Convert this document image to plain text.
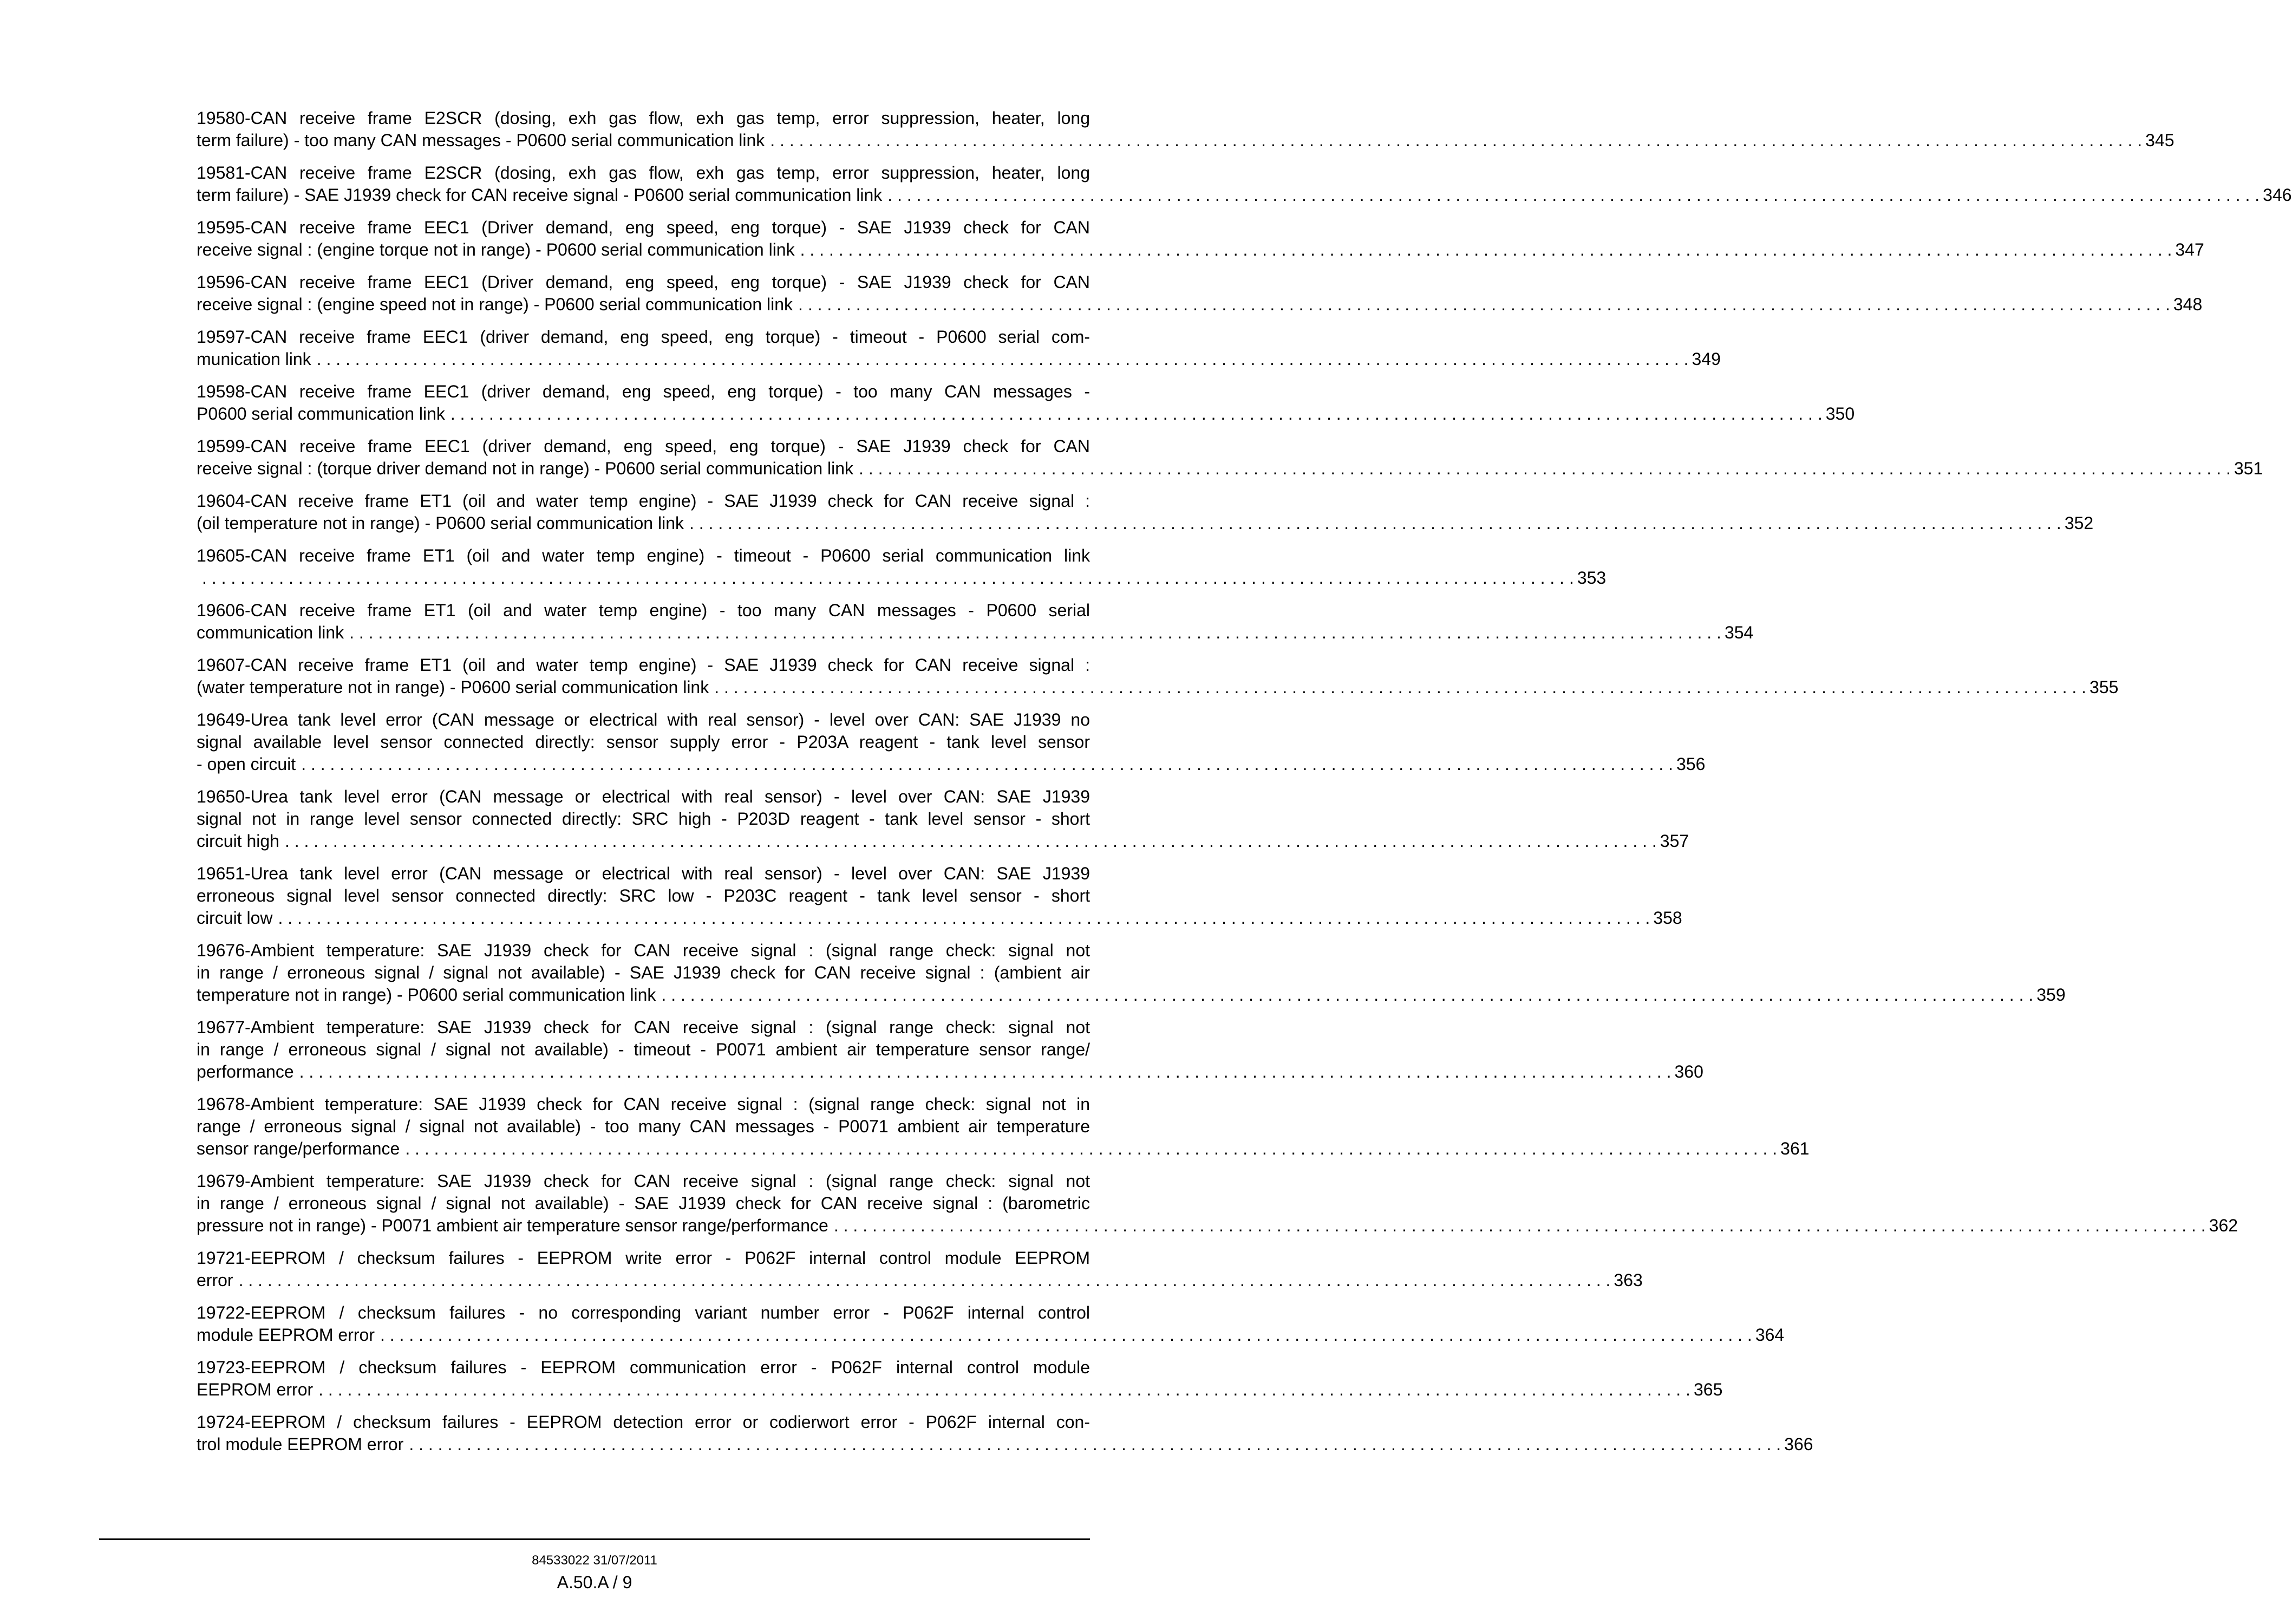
19580-CAN receive frame E2SCR (dosing, exh gas flow, exh gas temp, error suppression, heater, long
term failure) - too many CAN messages - P0600 serial communication link . . . . . . . . . . . . . . . . . . . . . . . . . . . . . . . . . . . . . . . . . . . . . . . . . . . . . . . . . . . . . . . . . . . . . . . . . . . . . . . . . . . . . . . . . . . . . . . . . . . . . . . . . . . . . . . . . . . . . . . . . . . . . . . . . . . . . . . . . . . . . . . 345
19581-CAN receive frame E2SCR (dosing, exh gas flow, exh gas temp, error suppression, heater, long
term failure) - SAE J1939 check for CAN receive signal - P0600 serial communication link . . . . . . . . . . . . . . . . . . . . . . . . . . . . . . . . . . . . . . . . . . . . . . . . . . . . . . . . . . . . . . . . . . . . . . . . . . . . . . . . . . . . . . . . . . . . . . . . . . . . . . . . . . . . . . . . . . . . . . . . . . . . . . . . . . . . . . . . . . . . . . . 346
19595-CAN receive frame EEC1 (Driver demand, eng speed, eng torque) - SAE J1939 check for CAN
receive signal : (engine torque not in range) - P0600 serial communication link . . . . . . . . . . . . . . . . . . . . . . . . . . . . . . . . . . . . . . . . . . . . . . . . . . . . . . . . . . . . . . . . . . . . . . . . . . . . . . . . . . . . . . . . . . . . . . . . . . . . . . . . . . . . . . . . . . . . . . . . . . . . . . . . . . . . . . . . . . . . . . . 347
19596-CAN receive frame EEC1 (Driver demand, eng speed, eng torque) - SAE J1939 check for CAN
receive signal : (engine speed not in range) - P0600 serial communication link . . . . . . . . . . . . . . . . . . . . . . . . . . . . . . . . . . . . . . . . . . . . . . . . . . . . . . . . . . . . . . . . . . . . . . . . . . . . . . . . . . . . . . . . . . . . . . . . . . . . . . . . . . . . . . . . . . . . . . . . . . . . . . . . . . . . . . . . . . . . . . . 348
19597-CAN receive frame EEC1 (driver demand, eng speed, eng torque) - timeout - P0600 serial com-
munication link . . . . . . . . . . . . . . . . . . . . . . . . . . . . . . . . . . . . . . . . . . . . . . . . . . . . . . . . . . . . . . . . . . . . . . . . . . . . . . . . . . . . . . . . . . . . . . . . . . . . . . . . . . . . . . . . . . . . . . . . . . . . . . . . . . . . . . . . . . . . . . . 349
19598-CAN receive frame EEC1 (driver demand, eng speed, eng torque) - too many CAN messages -
P0600 serial communication link . . . . . . . . . . . . . . . . . . . . . . . . . . . . . . . . . . . . . . . . . . . . . . . . . . . . . . . . . . . . . . . . . . . . . . . . . . . . . . . . . . . . . . . . . . . . . . . . . . . . . . . . . . . . . . . . . . . . . . . . . . . . . . . . . . . . . . . . . . . . . . . 350
19599-CAN receive frame EEC1 (driver demand, eng speed, eng torque) - SAE J1939 check for CAN
receive signal : (torque driver demand not in range) - P0600 serial communication link . . . . . . . . . . . . . . . . . . . . . . . . . . . . . . . . . . . . . . . . . . . . . . . . . . . . . . . . . . . . . . . . . . . . . . . . . . . . . . . . . . . . . . . . . . . . . . . . . . . . . . . . . . . . . . . . . . . . . . . . . . . . . . . . . . . . . . . . . . . . . . . 351
19604-CAN receive frame ET1 (oil and water temp engine) - SAE J1939 check for CAN receive signal :
(oil temperature not in range) - P0600 serial communication link . . . . . . . . . . . . . . . . . . . . . . . . . . . . . . . . . . . . . . . . . . . . . . . . . . . . . . . . . . . . . . . . . . . . . . . . . . . . . . . . . . . . . . . . . . . . . . . . . . . . . . . . . . . . . . . . . . . . . . . . . . . . . . . . . . . . . . . . . . . . . . . 352
19605-CAN receive frame ET1 (oil and water temp engine) - timeout - P0600 serial communication link
. . . . . . . . . . . . . . . . . . . . . . . . . . . . . . . . . . . . . . . . . . . . . . . . . . . . . . . . . . . . . . . . . . . . . . . . . . . . . . . . . . . . . . . . . . . . . . . . . . . . . . . . . . . . . . . . . . . . . . . . . . . . . . . . . . . . . . . . . . . . . . . 353
19606-CAN receive frame ET1 (oil and water temp engine) - too many CAN messages - P0600 serial
communication link . . . . . . . . . . . . . . . . . . . . . . . . . . . . . . . . . . . . . . . . . . . . . . . . . . . . . . . . . . . . . . . . . . . . . . . . . . . . . . . . . . . . . . . . . . . . . . . . . . . . . . . . . . . . . . . . . . . . . . . . . . . . . . . . . . . . . . . . . . . . . . . 354
19607-CAN receive frame ET1 (oil and water temp engine) - SAE J1939 check for CAN receive signal :
(water temperature not in range) - P0600 serial communication link . . . . . . . . . . . . . . . . . . . . . . . . . . . . . . . . . . . . . . . . . . . . . . . . . . . . . . . . . . . . . . . . . . . . . . . . . . . . . . . . . . . . . . . . . . . . . . . . . . . . . . . . . . . . . . . . . . . . . . . . . . . . . . . . . . . . . . . . . . . . . . . 355
19649-Urea tank level error (CAN message or electrical with real sensor) - level over CAN: SAE J1939 no
signal available level sensor connected directly: sensor supply error - P203A reagent - tank level sensor
- open circuit . . . . . . . . . . . . . . . . . . . . . . . . . . . . . . . . . . . . . . . . . . . . . . . . . . . . . . . . . . . . . . . . . . . . . . . . . . . . . . . . . . . . . . . . . . . . . . . . . . . . . . . . . . . . . . . . . . . . . . . . . . . . . . . . . . . . . . . . . . . . . . . 356
19650-Urea tank level error (CAN message or electrical with real sensor) - level over CAN: SAE J1939
signal not in range level sensor connected directly: SRC high - P203D reagent - tank level sensor - short
circuit high . . . . . . . . . . . . . . . . . . . . . . . . . . . . . . . . . . . . . . . . . . . . . . . . . . . . . . . . . . . . . . . . . . . . . . . . . . . . . . . . . . . . . . . . . . . . . . . . . . . . . . . . . . . . . . . . . . . . . . . . . . . . . . . . . . . . . . . . . . . . . . . 357
19651-Urea tank level error (CAN message or electrical with real sensor) - level over CAN: SAE J1939
erroneous signal level sensor connected directly: SRC low - P203C reagent - tank level sensor - short
circuit low . . . . . . . . . . . . . . . . . . . . . . . . . . . . . . . . . . . . . . . . . . . . . . . . . . . . . . . . . . . . . . . . . . . . . . . . . . . . . . . . . . . . . . . . . . . . . . . . . . . . . . . . . . . . . . . . . . . . . . . . . . . . . . . . . . . . . . . . . . . . . . . 358
19676-Ambient temperature: SAE J1939 check for CAN receive signal : (signal range check: signal not
in range / erroneous signal / signal not available) - SAE J1939 check for CAN receive signal : (ambient air
temperature not in range) - P0600 serial communication link . . . . . . . . . . . . . . . . . . . . . . . . . . . . . . . . . . . . . . . . . . . . . . . . . . . . . . . . . . . . . . . . . . . . . . . . . . . . . . . . . . . . . . . . . . . . . . . . . . . . . . . . . . . . . . . . . . . . . . . . . . . . . . . . . . . . . . . . . . . . . . . 359
19677-Ambient temperature: SAE J1939 check for CAN receive signal : (signal range check: signal not
in range / erroneous signal / signal not available) - timeout - P0071 ambient air temperature sensor range/
performance . . . . . . . . . . . . . . . . . . . . . . . . . . . . . . . . . . . . . . . . . . . . . . . . . . . . . . . . . . . . . . . . . . . . . . . . . . . . . . . . . . . . . . . . . . . . . . . . . . . . . . . . . . . . . . . . . . . . . . . . . . . . . . . . . . . . . . . . . . . . . . . 360
19678-Ambient temperature: SAE J1939 check for CAN receive signal : (signal range check: signal not in
range / erroneous signal / signal not available) - too many CAN messages - P0071 ambient air temperature
sensor range/performance . . . . . . . . . . . . . . . . . . . . . . . . . . . . . . . . . . . . . . . . . . . . . . . . . . . . . . . . . . . . . . . . . . . . . . . . . . . . . . . . . . . . . . . . . . . . . . . . . . . . . . . . . . . . . . . . . . . . . . . . . . . . . . . . . . . . . . . . . . . . . . . 361
19679-Ambient temperature: SAE J1939 check for CAN receive signal : (signal range check: signal not
in range / erroneous signal / signal not available) - SAE J1939 check for CAN receive signal : (barometric
pressure not in range) - P0071 ambient air temperature sensor range/performance . . . . . . . . . . . . . . . . . . . . . . . . . . . . . . . . . . . . . . . . . . . . . . . . . . . . . . . . . . . . . . . . . . . . . . . . . . . . . . . . . . . . . . . . . . . . . . . . . . . . . . . . . . . . . . . . . . . . . . . . . . . . . . . . . . . . . . . . . . . . . . . 362
19721-EEPROM / checksum failures - EEPROM write error - P062F internal control module EEPROM
error . . . . . . . . . . . . . . . . . . . . . . . . . . . . . . . . . . . . . . . . . . . . . . . . . . . . . . . . . . . . . . . . . . . . . . . . . . . . . . . . . . . . . . . . . . . . . . . . . . . . . . . . . . . . . . . . . . . . . . . . . . . . . . . . . . . . . . . . . . . . . . . 363
19722-EEPROM / checksum failures - no corresponding variant number error - P062F internal control
module EEPROM error . . . . . . . . . . . . . . . . . . . . . . . . . . . . . . . . . . . . . . . . . . . . . . . . . . . . . . . . . . . . . . . . . . . . . . . . . . . . . . . . . . . . . . . . . . . . . . . . . . . . . . . . . . . . . . . . . . . . . . . . . . . . . . . . . . . . . . . . . . . . . . . 364
19723-EEPROM / checksum failures - EEPROM communication error - P062F internal control module
EEPROM error . . . . . . . . . . . . . . . . . . . . . . . . . . . . . . . . . . . . . . . . . . . . . . . . . . . . . . . . . . . . . . . . . . . . . . . . . . . . . . . . . . . . . . . . . . . . . . . . . . . . . . . . . . . . . . . . . . . . . . . . . . . . . . . . . . . . . . . . . . . . . . . 365
19724-EEPROM / checksum failures - EEPROM detection error or codierwort error - P062F internal con-
trol module EEPROM error . . . . . . . . . . . . . . . . . . . . . . . . . . . . . . . . . . . . . . . . . . . . . . . . . . . . . . . . . . . . . . . . . . . . . . . . . . . . . . . . . . . . . . . . . . . . . . . . . . . . . . . . . . . . . . . . . . . . . . . . . . . . . . . . . . . . . . . . . . . . . . . 366
84533022 31/07/2011
A.50.A / 9
